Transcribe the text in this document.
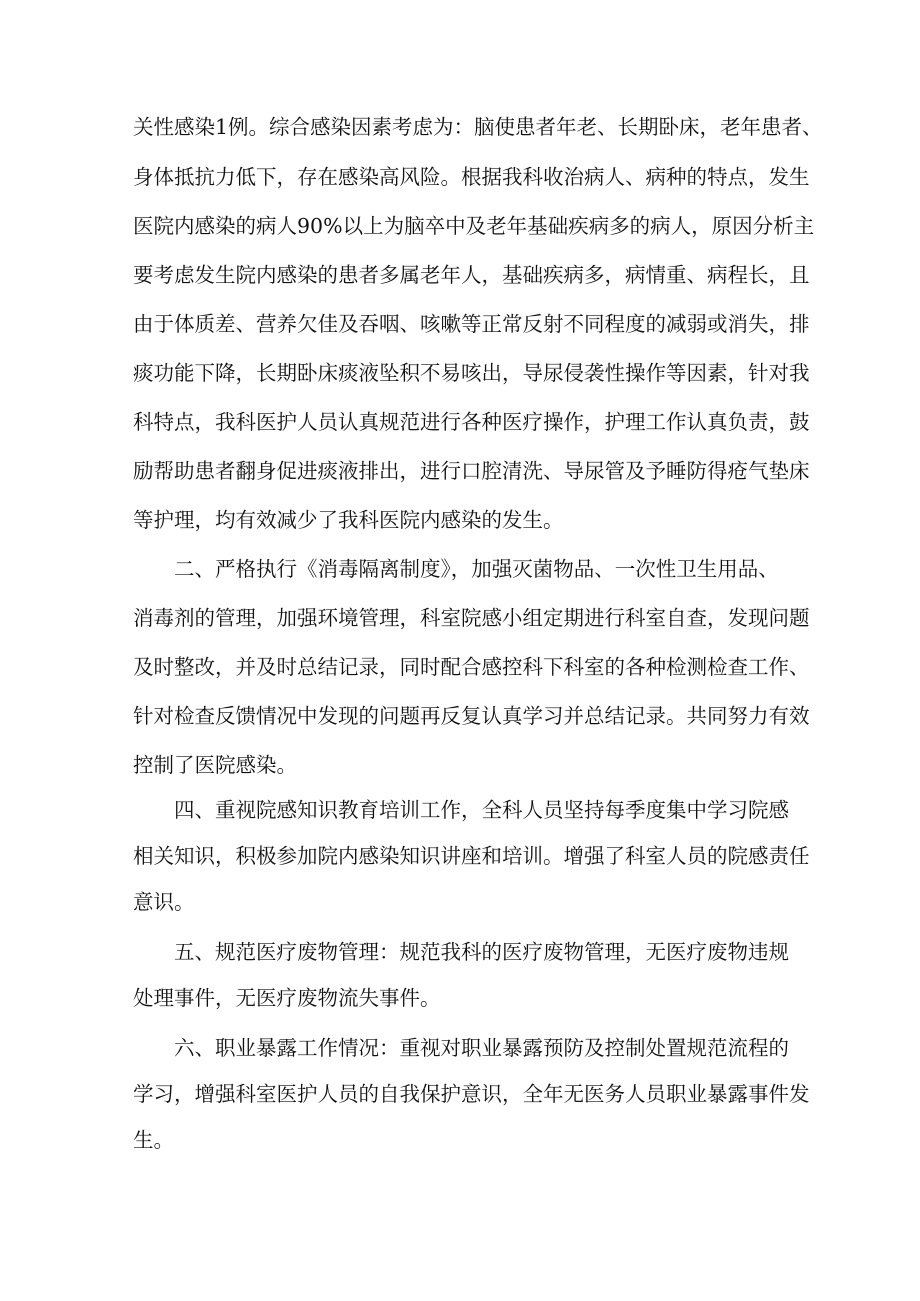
关性感染1例。综合感染因素考虑为：脑使患者年老、长期卧床，老年患者、
身体抵抗力低下，存在感染高风险。根据我科收治病人、病种的特点，发生
医院内感染的病人90%以上为脑卒中及老年基础疾病多的病人，原因分析主
要考虑发生院内感染的患者多属老年人，基础疾病多，病情重、病程长，且
由于体质差、营养欠佳及吞咽、咳嗽等正常反射不同程度的减弱或消失，排
痰功能下降，长期卧床痰液坠积不易咳出，导尿侵袭性操作等因素，针对我
科特点，我科医护人员认真规范进行各种医疗操作，护理工作认真负责，鼓
励帮助患者翻身促进痰液排出，进行口腔清洗、导尿管及予睡防得疮气垫床
等护理，均有效减少了我科医院内感染的发生。
二、严格执行《消毒隔离制度》，加强灭菌物品、一次性卫生用品、
消毒剂的管理，加强环境管理，科室院感小组定期进行科室自查，发现问题
及时整改，并及时总结记录，同时配合感控科下科室的各种检测检查工作、
针对检查反馈情况中发现的问题再反复认真学习并总结记录。共同努力有效
控制了医院感染。
四、重视院感知识教育培训工作，全科人员坚持每季度集中学习院感
相关知识，积极参加院内感染知识讲座和培训。增强了科室人员的院感责任
意识。
五、规范医疗废物管理：规范我科的医疗废物管理，无医疗废物违规
处理事件，无医疗废物流失事件。
六、职业暴露工作情况：重视对职业暴露预防及控制处置规范流程的
学习，增强科室医护人员的自我保护意识，全年无医务人员职业暴露事件发
生。
